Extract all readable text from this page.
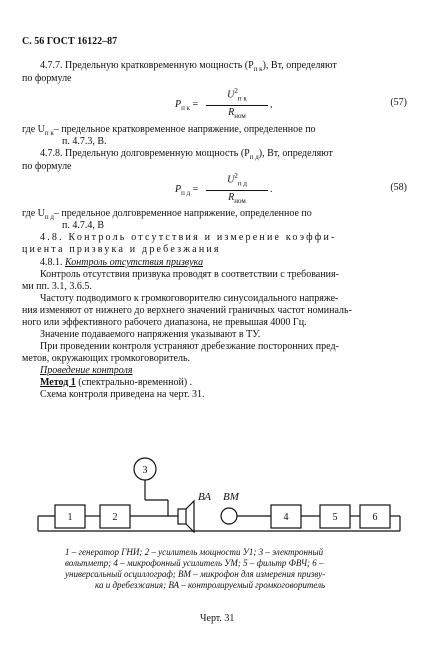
С. 56 ГОСТ 16122–87
4.7.7. Предельную кратковременную мощность $(P_{п к})$, Вт, определяют
по формуле
$P_{п к}$ =
$U^2_{п к}$
$R_{ном}$
,	(57)
где $U_{п к}-$ предельное кратковременное напряжение, определенное по
п. 4.7.3, В.
4.7.8. Предельную долговременную мощность $(P_{п д})$, Вт, определяют
по формуле
$P_{п д}$ =
$U^2_{п д}$
$R_{ном}$
.	(58)
где $U_{п д}-$ предельное долговременное напряжение, определенное по
п. 4.7.4, В
4.8. Контроль отсутствия и измерение коэффи-
циента призвука и дребезжания
4.8.1. Контроль отсутствия призвука
Контроль отсутствия призвука проводят в соответствии с требования-
ми пп. 3.1, 3.6.5.
Частоту подводимого к громкоговорителю синусоидального напряже-
ния изменяют от нижнего до верхнего значений граничных частот номиналь-
ного или эффективного рабочего диапазона, не превышая 4000 Гц.
Значение подаваемого напряжения указывают в ТУ.
При проведении контроля устраняют дребезжание посторонних пред-
метов, окружающих громкоговоритель.
Проведение контроля
Метод 1 (спектрально-временной) .
Схема контроля приведена на черт. 31.
1	2
3
4	5	6
ВА ВМ
1 – генератор ГНИ; 2 – усилитель мощности У1; 3 – электронный
вольтметр; 4 – микрофонный усилитель УМ; 5 – фильтр ФВЧ; 6 –
универсальный осциллограф; ВМ – микрофон для измерения призву-
ка и дребезжания; ВА – контролируемый громкоговоритель
Черт. 31
